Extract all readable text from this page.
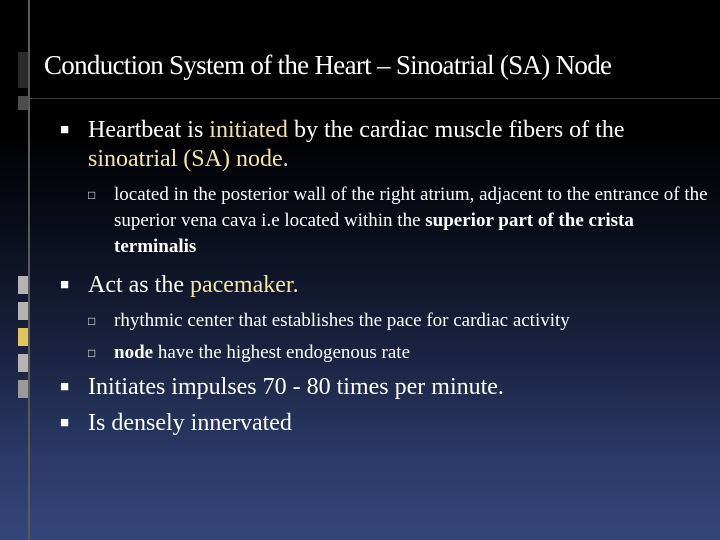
Conduction System of the Heart – Sinoatrial (SA) Node
■ Heartbeat is initiated by the cardiac muscle fibers of the sinoatrial (SA) node.
□ located in the posterior wall of the right atrium, adjacent to the entrance of the superior vena cava i.e located within the superior part of the crista terminalis
■ Act as the pacemaker.
□ rhythmic center that establishes the pace for cardiac activity
□ node have the highest endogenous rate
■ Initiates impulses 70 - 80 times per minute.
■ Is densely innervated
